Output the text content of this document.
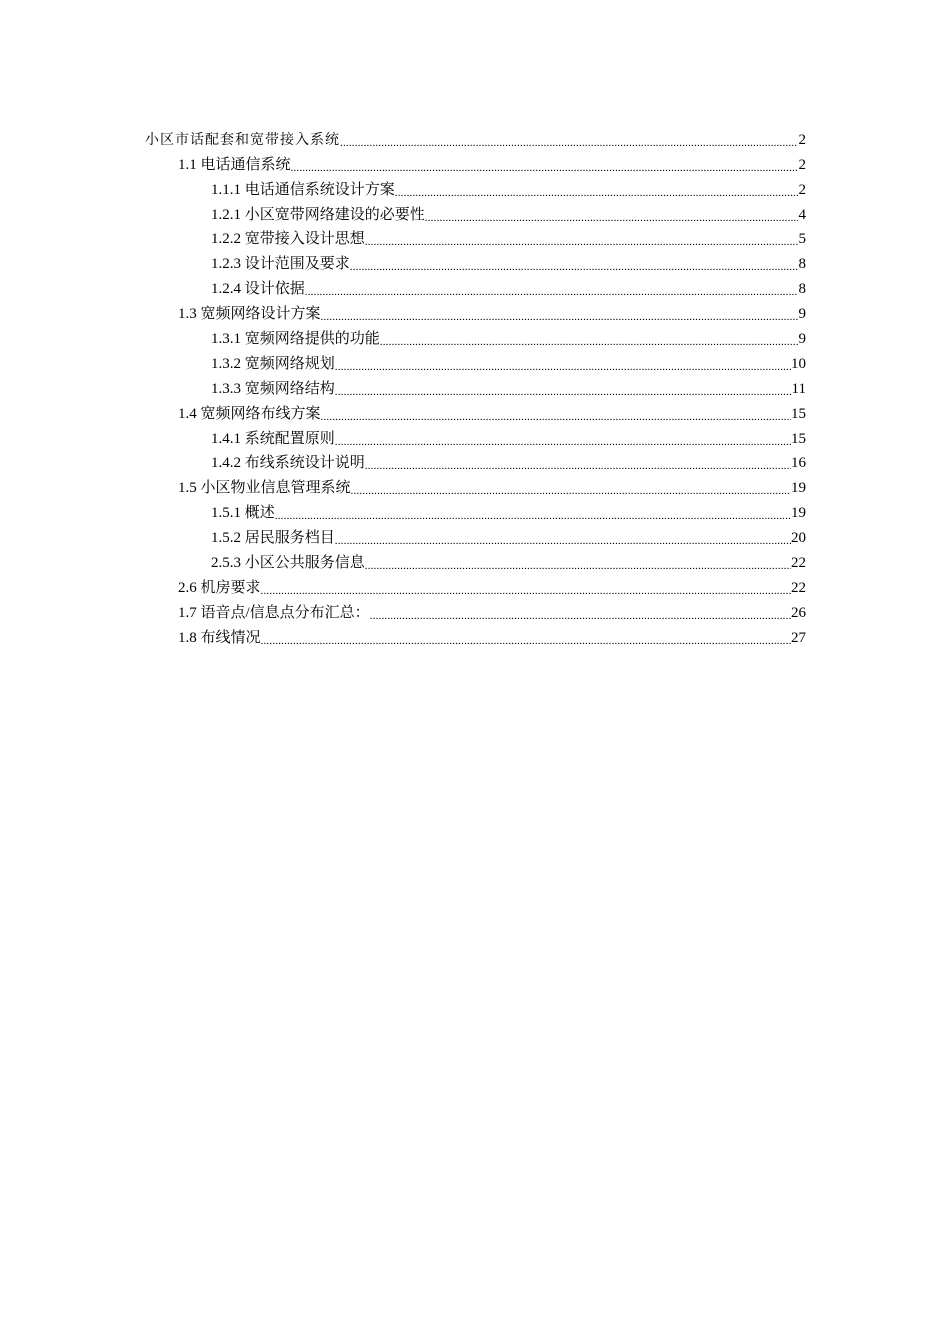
小区市话配套和宽带接入系统 .....	2
1.1 电话通信系统 .....	2
1.1.1 电话通信系统设计方案 .....	2
1.2.1 小区宽带网络建设的必要性 .....	4
1.2.2 宽带接入设计思想 .....	5
1.2.3 设计范围及要求 .....	8
1.2.4 设计依据 .....	8
1.3 宽频网络设计方案 .....	9
1.3.1 宽频网络提供的功能 .....	9
1.3.2 宽频网络规划 .....	10
1.3.3 宽频网络结构 .....	11
1.4 宽频网络布线方案 .....	15
1.4.1 系统配置原则 .....	15
1.4.2 布线系统设计说明 .....	16
1.5 小区物业信息管理系统 .....	19
1.5.1 概述 .....	19
1.5.2 居民服务档目 .....	20
2.5.3 小区公共服务信息 .....	22
2.6 机房要求 .....	22
1.7 语音点/信息点分布汇总： .....	26
1.8 布线情况 .....	27
